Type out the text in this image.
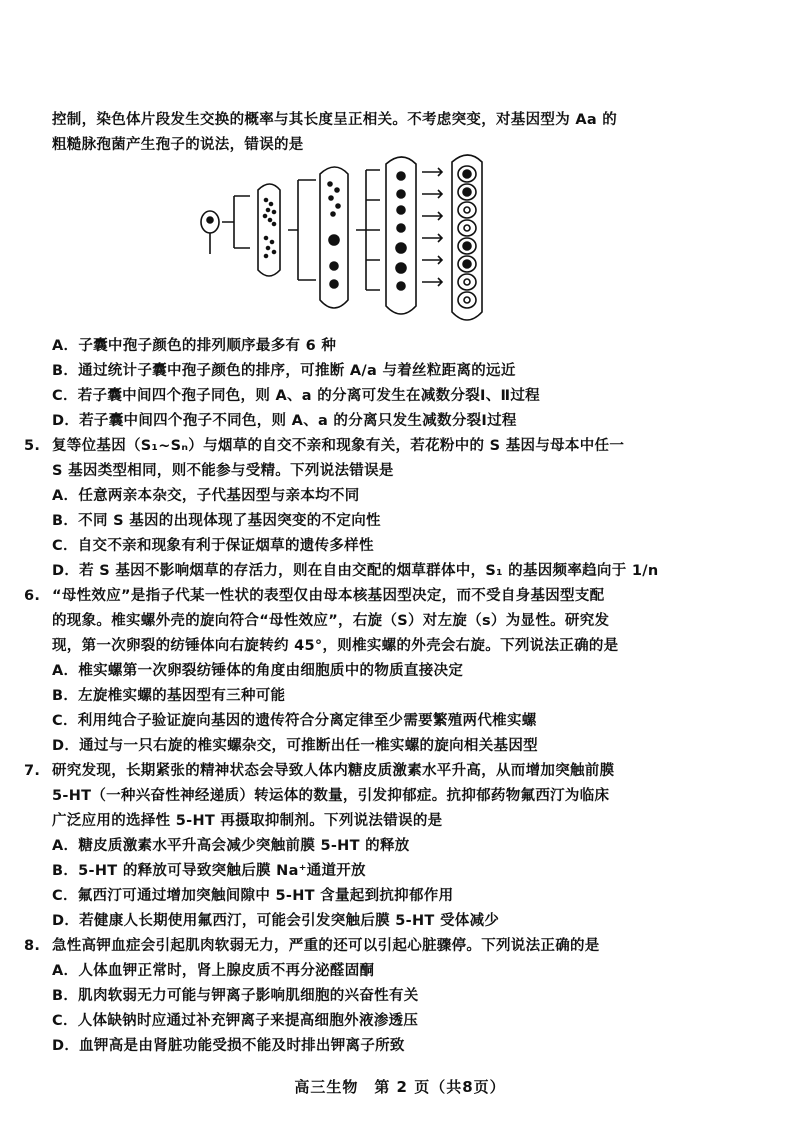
控制，染色体片段发生交换的概率与其长度呈正相关。不考虑突变，对基因型为 Aa 的
粗糙脉孢菌产生孢子的说法，错误的是
A．子囊中孢子颜色的排列顺序最多有 6 种
B．通过统计子囊中孢子颜色的排序，可推断 A/a 与着丝粒距离的远近
C．若子囊中间四个孢子同色，则 A、a 的分离可发生在减数分裂Ⅰ、Ⅱ过程
D．若子囊中间四个孢子不同色，则 A、a 的分离只发生减数分裂Ⅰ过程
5. 复等位基因（S₁~Sₙ）与烟草的自交不亲和现象有关，若花粉中的 S 基因与母本中任一
S 基因类型相同，则不能参与受精。下列说法错误是
A．任意两亲本杂交，子代基因型与亲本均不同
B．不同 S 基因的出现体现了基因突变的不定向性
C．自交不亲和现象有利于保证烟草的遗传多样性
D．若 S 基因不影响烟草的存活力，则在自由交配的烟草群体中，S₁ 的基因频率趋向于 1/n
6. “母性效应”是指子代某一性状的表型仅由母本核基因型决定，而不受自身基因型支配
的现象。椎实螺外壳的旋向符合“母性效应”，右旋（S）对左旋（s）为显性。研究发
现，第一次卵裂的纺锤体向右旋转约 45°，则椎实螺的外壳会右旋。下列说法正确的是
A．椎实螺第一次卵裂纺锤体的角度由细胞质中的物质直接决定
B．左旋椎实螺的基因型有三种可能
C．利用纯合子验证旋向基因的遗传符合分离定律至少需要繁殖两代椎实螺
D．通过与一只右旋的椎实螺杂交，可推断出任一椎实螺的旋向相关基因型
7. 研究发现，长期紧张的精神状态会导致人体内糖皮质激素水平升高，从而增加突触前膜
5-HT（一种兴奋性神经递质）转运体的数量，引发抑郁症。抗抑郁药物氟西汀为临床
广泛应用的选择性 5-HT 再摄取抑制剂。下列说法错误的是
A．糖皮质激素水平升高会减少突触前膜 5-HT 的释放
B．5-HT 的释放可导致突触后膜 Na⁺通道开放
C．氟西汀可通过增加突触间隙中 5-HT 含量起到抗抑郁作用
D．若健康人长期使用氟西汀，可能会引发突触后膜 5-HT 受体减少
8. 急性高钾血症会引起肌肉软弱无力，严重的还可以引起心脏骤停。下列说法正确的是
A．人体血钾正常时，肾上腺皮质不再分泌醛固酮
B．肌肉软弱无力可能与钾离子影响肌细胞的兴奋性有关
C．人体缺钠时应通过补充钾离子来提高细胞外液渗透压
D．血钾高是由肾脏功能受损不能及时排出钾离子所致
高三生物　第 2 页（共8页）
